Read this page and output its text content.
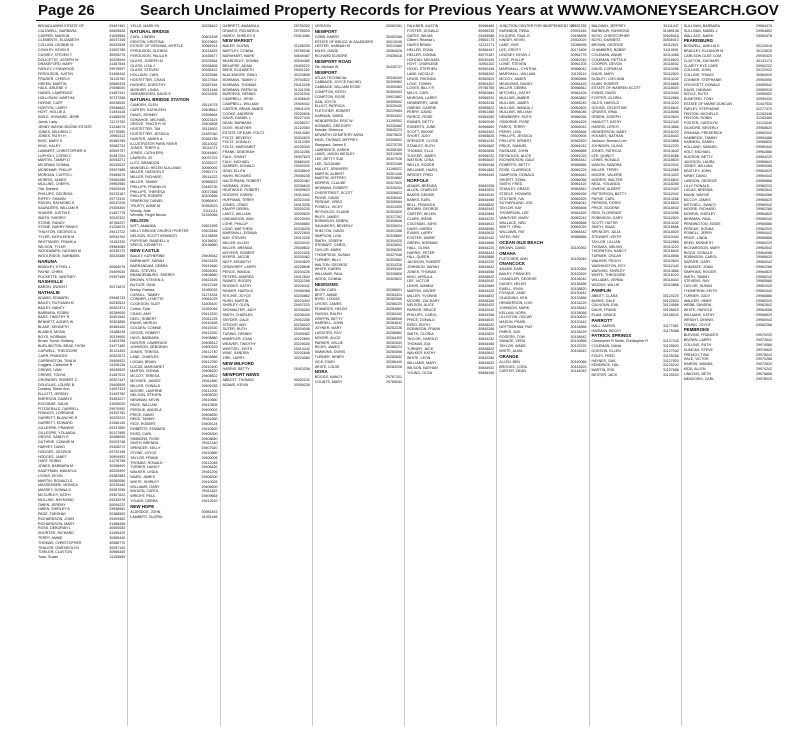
Page 26	Search Unclaimed Property Records for Previous Years at WWW.VAMONEYSEARCH.GOV
BROADLAWNS ESTATE OF	29497461
CALDWELL, BARBARA	30605526
CARPER, MARION	31008554
CLEMENTS, ELIZABETH	30037346
COLLINS, DIONNE M	30032528
COWLEY, KEVIN S	31002785
CUSHEY, STEVEN T	30005275
DOUCETTE, JOSEPH W	30228944
DRAKEFORD, MARY	31487544
FARLEY, LYNNWOOD	29978997
FERGUSON, JUSTIN	31498442
FRAZIER, CHRIS E	31115762
GREEN, MARTIN	30689315
HALE, ARLENE V	29398040
HANES, LAWRENCE	31487441
HOLLOWAY, MARTHA	30737266
HORNE, CURT	30038530
HORTON, LARRY	29548842
HOYT, HOLLIE A	31494418
INGLE, HOWARD, JERRI	31468226
Jarvis, Lady	31174762
JENNY WAYNE BOONE ESTATE	31246074
JONES, MILDRED C	29778950
JONES, RUTH H	29963112
KING, MARY E	30465785
KING, HALEY	30082729
LAMBERT, CHRISTOPHER D	30599757
LUPHOLY, CORIN C	30487224
MARTIN, TAMMY D	30053271
MCGRAW, DONNA	30230022
MCNEMAR, PHILLIP	29937985
MORGAN, CURTIS L	29465675
MORRIS, JAMES	29460285
MULLINS, CHERYL	29962985
Ota, Darlene	29409245
PHILLIPS, GEORGIA	30233167
RIFFEY, SHAWN	29773310
RIGGIN, RAYMOND D	30037226
SAUNDERS, WILLIAM R	29308300
SHAVER, JUSTIN E	31487776
SMITH, SHERRY	30032322
STONE, RANDY	30766227
STONE, BARRY RANDY	31206070
THAXTON, GEORGE A	29413722
TYLER, KATHLEEN M	30044762
WHITTAKER, FRANK A	31152330
WILSON, TYLER	29983085
WOODWARD, NATHAN M	30335170
WOOLRIDGE, BARBARA	30028385
NARUNA
BRADLEY, ETHEL L	30064076
PAYNE, CHRIS	29409030
PUCKETTE, WHITNEY	29397465
NASHVILLE
BARON, DWIGHT	30374870
NATHALIE
ADAMS, EDWARD	29948725
BAILEY, RUTHANN M	30030524
BAILEY, NANCY	30302371
BARBARA, ROBIN	30289000
BASS, TIMOTHY R	30401544
BENNETT, AGNES W	30303855
BLAKE, KENNETH	30483440
BLANKS, MONA	31188245
BOYD, NORMAN	30319600
Brown Turner, Brittany	31504758
BURLINGTON, BRAD THOM	31477469
CAPWELL, THEODORE	30124453
CARR, FRANCES	30322672
CARRINGTON, TINA M	29406922
Coggins, Catherine R	31106136
CREWS, IVAN	30035529
CREWS, TONYA	31487512
CROWDER, ROBERT C	30307447
DOUGLAS, LOUISE B	29406595
Dunkley, Sherri Ann	31097323
ELLIOTT, JEREMY	31493782
EMERSON, DAWN E	29453227
ESCOBAR, SALMI	31006020
FITZGERALD, DARRELL	29970952
FRANCIS, LORRAINE	29392762
GARRETT, BLANCHE R	30225222
GARRETT, EDWARD	31366140
GILLESPIE, FRANKIE	29337860
GILLESPIE, YOLANDA	30127965
GROSE, SANDY E	30068090
GUTHRIE, CONNIE M	30093746
HARVEY, DAVID	29408272
HODGES, GEORGE	29792198
HODGES, JANET	30994953
HURT, ROBIN	31276758
JONES, BARBARA M	30398900
KAUFFMAN, MAKAYLA	30025490
LYONS, KEVIN	29382983
MARTIN, RONALD G	30080066
MASSEMORE, MONICA	30225440
MASSEY, DONNA G	30087056
MCCURLEY, KATHY	29307622
MULLINS, RAYMOND	29330976
OWEN, JEREMY	30094222
OWEN, SHIRLEY A	29938952
PAGE, TARSHAY	30386500
RICHARDSON, JOHN	29409462
RICHARDSON, MARY	31488406
ROSS, DEBORAH L	30050083
SHORTER, RICHARD	31496420
TERRY, ANNIE	30985440
THOMAS, CHRISTOPHER	30986770
TINAJOR, GWENDOLYN	30057140
TOWLER, CLAYTON	30986440
Tuan, Susan	31155840
YELLE, MARILYN	30226612
NATURAL BRIDGE
CARL, LINDEN	30602498
DENTON, KRISTINA	30079602
ESTATE OF VIRGINIA, MYRTLE	30964914
FERGUSON, GLENDA	30214825
FERGUSON, PAULA R	30165677
GLASS, JOSEPH M	30325364
GLASS, LISA J	30936806
GLASS, STEVEN	30935422
HOLLIDAY, CARL	30325386
HOSTETTER, CRAIG	30117564
HUGHES, DOROTHY	30287464
MOSHER, LINDA	30211446
SWEARINGEN, DAVID E	30231506
NATURAL BRIDGE STATION
CAMDEN, GLEN	30114078
CARTER, KATHLEEN	29408642
DAVIS, JOHNNY	29398664
DONAHOE, MICHAEL	30022424
GROVE, TIMOTHY W	29404808
HOSTETTER, TIM	30115502
HOSTETTER, JESSICA	31487040
HUNTER, JAMES A	30364786
ILLUSTRATOR PARK RIVER	30110032
JONES, TERRY A	30111071
JONES, CATHLEEN	30044660
LAWSON, JO	30037223
LUTZ, BRANDON	30335227
MANSIELD, HELEN SULLIVAN	30060092
MILLER, HUDSON S	29962771
MILLER, RICHARD	30114222
MILLER, TAMMY	30965523
PHILLIPS, FRANKLIN	29445730
PHILLIPS, THERESA	30072366
PHILLIPS, ROBERT	30100466
SPARROW, DANIEL	30965400
TRUSTY, ANNE M	30363523
Woody, Julia	31111111
Wemble, Regin Nicola	31253066
NELSON
WITT, AMANDA	29821595
NELLY BRIDGE CHURCH PORTER	29403446
NELSON, SCOTT KENNEDY	30136655
PURYEAR, RANDELL A	30136620
SPECS, KENNETH	30136660
NEW CASTLE
BAILEY, KATHERINE	29406542
BARNHART, SARAH	29421525
BARRANDAM, DEBRA	29415460
BEAL, STEVEN	29524061
BRANDENBURG, SHERRY	29406660
BROWN, STEVEN A	29422426
BUTLER, GINA	29412246
Bretny, Patricia	31065032
CASKILL, TAMMY	31274334
CONNER, LYNETTE	29061025
COOKSON, SUZY	31505420
Cotton, Tyler	31062046
CRAIG, AMY	29413220
DEEL, ROBERT	29411225
ENNIS, MERLIN	29410446
GOLDEN, CONNIE	29415330
GROSE, ROBERT	29412520
HAYS, BARBARA	29408880
HUNTER, LAWRENCE	29406612
JOHNSON, DEBORAH	29400325
JONES, TERESA	29412740
LANE, CHARLES	29406886
LOGAN, BRIAN	29412250
LUCAS, MARGARET	29410400
MARTIN, DONNA	29406620
MCCOY, TERESA	29408822
MCGHEE, JANICE	29411880
MILLER, DONALD	29406335
MOORE, LAVERNE	29412200
NELSON, STEVEN	29405020
NEWMAN, KEVIN	29410660
PAGE, WILLIAM	29412806
PERDUE, ANGELA	29409002
PRICE, DAVID	29406830
REED, TAMMY	29411660
RICE, ROBERT	29408124
ROBERTS, EDWARD	29410620
ROSS, CARL	29405300
SIMMONS, ROSE	29408840
SMITH, BRENDA	29411340
SPENCER, KELLY	29407620
STONE, JOYCE	29410880
TAYLOR, FRANK	29409006
THOMAS, RONALD	29412046
TURNER, NANCY	29406420
WALKER, LINDA	29411206
WARD, JAMES	29408300
WHITE, SHIRLEY	29410025
WILLIAMS, GARY	29406600
WILSON, CAROL	29411822
WRIGHT, PAUL	29409664
YOUNG, DEBRA	29412610
NEW HOPE
ALDRIDGE, JOHN	30982443
LAMBERT, GLORIA	31001166
GARRETT, AMANDA A	29755352
GRAVES, RICHARD A	29755525
HARDY, SHIRLEY S	29414460
NEW MARKET
BAKER, GLENN	31206035
BARTLEY, DONNA	29765246
BARNHART, MARK	30649487
BEARDSLEY, DONNA	30294460
BEAUPRE, ADAM	29409222
BEER, ELIZABETH	29401252
BLACKMORE, EMILY	30204806
BOWMAN, TAMMY J	29764522
BOWMAN, THOMAS	29412208
BOWMAN, PATRICIA	31341336
BURGESS, DENNIS	30232540
CAMPBELL, HEIDI	31506640
CAMPBELL, WILLIAM	29409442
CARTER, BRIAN JAMES	29811425
COOKE, ANDREW	29330826
DAVIS, DANIEL L	30227440
DEAN, BARBARA	30256227
DOVE, HEATHER	31222060
ESTATE OF EARL FOLTZ	29414460
FOLTZ, BEVERLY	30334620
FOLTZ, DONALD	31012450
FOLTZ, MARGARET	30235340
FRANK, DEBORAH	30102266
FULK, GRANT	29407623
FULK, MICHAEL	30660442
GARBER, DONALD	29400200
GRAY, ELLEN	30338620
HAHN, RICHARD	29406235
HALTERMAN, ROBERT	30202462
HARMAN, JOHN	30236643
HEATWOLE, ROBERT	29409620
HOOVER, KAREN	29414402
HUFFMAN, TERRY	30322440
JONES, CRAIG	29413206
KNUPP, DEBRA	30200230
LANTZ, WILLIAM	30205625
LINDAMOOD, ANN	30225400
LOHR, PHILLIP	29408660
LONG, MATTHEW	30338426
MARSHALL, DONNA	30222840
MAY, STEVEN	29412026
MILLER, ALLEN	30234442
MILLER, BRENDA	29408602
MOYERS, ROBERT	30322026
MYERS, JACOB	30200462
NEFF, KENNETH	29404620
ORNDORFF, LARRY	30228846
PENCE, WANDA	30204228
PETERS, ANDREA	29412840
RAINES, ROGER	30332266
RHODES, KATHY	30226442
RINKER, HAROLD	29406466
RITCHIE, JOYCE	30200862
RUSH, MARTIN	30224402
SHIRLEY, GLEN	29407020
SHOWALTER, JUDY	30336260
SMITH, CHARLES	30208426
SNYDER, DALE	29402286
STROOP, AMY	30236022
SUTER, RUTH	30204046
TUSING, DENNIS	29409462
WAMPLER, JOAN	30222660
WEAVER, TIMOTHY	30226026
WHETZEL, KEITH	29410442
WINE, SANDRA	30202846
ZIRK, LARRY	30224060
NEW MILFORD
HARRIS, BETTY	29410206
NEWPORT NEWS
ABBOTT, THOMAS	30002242
ADAMS, KEVIN	30006226
VERIZON	30080261
NEWPORT
COBB, HARRY	30052066
ESTATE OF BRUCE W SAUNDERS	30010045
LESTER, HANNAH M	30013460
MILES, DAVID	30064426
RICHARD ELMORE	29436616
NEWPORT ROAD
Ott, Michael W	30426727
NEWPORT
ATLAS TECHNICAL	30346440
CABBAGE, JOYCE RACHEL	30309962
CABBAGE, WILLIAM ESSIE	30305463
COMPTON, KEITH	30309403
COMPTON, ROSE	29921862
DAN, JOYCE	30995602
ELLIOT, PATRICIA	30325440
FLETCHER, ROBERT	30229964
HARMAN, WARD	30304402
HENDERSON, ERIC W	31199502
HOWARD, GREGORY	30326460
Kessler, Rebecca	30840223
KEWMTIH CEMETERY ASSN	30675625
KING, THOMAS JEFFREY	29305602
Sheppard, James E	30275735
LAWRENCE, KAREN	30355260
LAWS, JASON WESLEY	30311605
LEE, BETTY SUE	30307026
LEE, SUZANNE	30323166
MALLET, JENNIFER	31196022
MARTIN, ALBERT	30301446
MARTIN, JEFFREY	30304662
MORRIS, CLAUDE	30327620
NEWMAN, ROBERT	30326204
OVERSTREET, SCOTT	30306822
PAYNE, DAVID	30328442
PERDUE, GREG	30305064
POWELL, VICKY	30324400
REYNOLDS, ELAINE	30302820
RILEY, JAMES	30327262
ROBINSON, DEBRA	30305646
SAUNDERS, BEVERLY	30326024
SHELTON, DAVID	30301266
SIMPSON, LISA	30328660
SMITH, JOSEPH	30304420
STEWART, CAROL	30325842
TAYLOR, MARK	30306200
THOMPSON, SUSAN	30327046
TURNER, BILLY	30302662
WALTON, GEORGE	30324226
WHITE, KAREN	30305440
WILLIAMS, PAUL	30326806
WOOD, DONNA	30303622
NEWSOMS
BLOW, CARL	30286601
BRITT, ANNIE	30284424
BYRD, LOUISE	30282066
CROSS, JAMES	30286220
EDWARDS, HELEN	30284860
FAISON, RALPH	30282442
GRIFFIN, BETTY	30286006
HARRELL, JOHN	30284642
JOYNER, MARY	30282226
LASSITER, ROY	30286862
MOORE, ALICE	30284400
PARKER, WILLIE	30282640
RICKS, JAMES	30286224
SIMMONS, DORIS	30284066
TURNER, HENRY	30282842
VICK, RUBY	30286440
WHITE, LOUIS	30284206
NORA
BOGGS, NANCY	29767101
COUNTS, MARY	29765042
FALKNER, AUSTIN	30966465
FOSTER, DONALD	30956235
GATES, WILMA	29405086
Gilbert, Rhonda L	29664175
HAYES BRIAN	31122171
HELLER, EDNA	30966447
HELLER, DONNA	30970187
HOLIDAY, MICHAEL	30930440
HOYT, CHARLENE	30961102
HOOD, STEPHEN	30962446
LANE, NICOLLE	30968262
LEWIS, RHONDA	30962620
LOVE, TOMMY	30964402
LOVES, BILLY R	29756765
MILLS, CARL	30962864
MORGAN, LARRY	30966020
NEWBERRY, JANE	30963246
OWENS, CARRIE	30965622
PERRY, DAVID	30961466
PIERCE, ROSE	30964280
RAINES, BETTY	30962046
ROBERTS, JUNE	30966660
SCOTT, WAYNE	30963402
SHORT, JUDY	30965826
SPENCER, CLYDE	30961240
STANLEY, RUTH	30964662
THOMAS, ELLA	30962806
TUCKER, JAMES	30966222
WATSON, LENA	30963620
WELLS, ROGER	30965046
WILLIAMS, HAZEL	30961862
WRIGHT, FRED	30964440
NORFOLK
ADAMS, BRENDA	30840206
ALLEN, CHARLES	30842620
BAKER, DENISE	30844042
BANKS, EARL	30846466
BELL, FRANCES	30848820
BROWN, GEORGE	30840442
CARTER, HELEN	30842866
CLARK, IRENE	30844220
COLEMAN, JOHN	30846642
DAVIS, KAREN	30848066
EVANS, LARRY	30840620
FOSTER, MARIE	30842442
GREEN, NORMAN	30844866
HALL, OLIVIA	30846220
HARRIS, PETER	30848442
HILL, QUEEN	30840866
JACKSON, ROBERT	30842220
JOHNSON, SARAH	30844642
JONES, THOMAS	30846066
KING, URSULA	30848620
LEE, VICTOR	30840042
LEWIS, WANDA	30842666
MARTIN, XAVIER	30844420
MILLER, YVONNE	30846842
MOORE, ZACHARY	30848266
NELSON, ALICE	30840420
PARKER, BRUCE	30842042
PHILLIPS, CAROL	30844266
PRICE, DONALD	30846620
REED, EDITH	30848042
ROBINSON, FRANK	30840266
SMITH, GLORIA	30842820
TAYLOR, HAROLD	30844242
THOMAS, IDA	30846466
TURNER, JACK	30848820
WALKER, KATHY	30840642
WHITE, LEON	30842266
WILLIAMS, MARY	30844620
WILSON, NATHAN	30846042
YOUNG, OLGA	30848266
JUNCTION CENTER FOR INDEPENDENT LIF
29452785
KARMBOB, REBA	29991446
KILGORE, PAUL R	29498895
KINSEY, KEVIN	29302020
LANE, VIVE	31088995
LEE, CRISTY	30171809
LINDSEY, KEVIN J	30964775
LOVE, PHILLIP	30962240
LOWE, STEVEN	30961205
MARSHALL, CYNTHIA	30966042
MARSHALL, WILLIAM	31125110
MCCOY, JAMES	30962666
MEADOWS, RANDY	30964420
MILLER, DEBRA	30966842
MITCHELL, KATHY	30961426
MULLINS, AMBER	30963862
MULLINS, JAMES	30965240
MULLINS, WANDA J	30962602
MULLINS, WILLIAM	30964046
NEWBERRY, RUTH	30966266
OSBORNE, ROSE	30961620
PARKS, TERRY	30963042
PERRY, LISA	30965466
PHILLIPS, JESSICA	29309905
PHILLIPS, ERNEST	30962820
PRICE, SAMUEL	30964242
RASNAKE, JOHN	30966666
REYNOLDS, ALICE	30961020
RICHARDSON, DALE	30963442
ROBERTS, BETTY	30965866
ROSE, CLARENCE	30962220
SAMPSON, DONALD	30964642
SHORTT, EDNA	30966066
SMITH, FRED	30961420
STANLEY, GRACE	30963842
STEELE, HOWARD	30965266
STILTNER, IVA	30962620
SUTHERLAND, JOE	30964042
TAYLOR, KAY	30966466
THOMPSON, LEE	30961820
VANOVER, MARY	30963242
WALLACE, NED	30965666
WHITT, OPAL	30962020
WILLIAMS, PAT	30964442
YATES, RAY	30966866
OCEAN ISLE BEACH
BROWN, DAVID	30120262
OMAHA
FLETCHER, ANN	30125040
ONANCOCK
ADAMS, EARL	30130264
BAILEY, FRANCES	30132620
CHANDLER, GEORGE	30134042
DAISEY, HELEN	30136466
EWELL, IRVIN	30138820
FOSQUE, JANE	30130442
GLADDING, KEN	30132866
HENDERSON, LOIS	30134220
JOHNSON, MARK	30136642
KELLAM, NORA	30138066
LILLISTON, OSCAR	30130620
MASON, PEARL	30132442
NOTTINGHAM, RAY	30134866
PARKS, SUE	30136220
ROGERS, TOM	30138442
SAVAGE, VERA	30130866
TAYLOR, WADE	30132220
WHITE, ALMA	30134642
ORANGE
ALLEN, BEN	30140066
BROOKS, CORA	30142620
CARTER, DEAN	30144042
BALDWIN, JEFFREY	30111447
BARBOUR, RAYMOND	31489136
BOYD, CHRISTOPHER	30528416
BOYD, EARNEST	30536410
BROWN, GEORGE	30112621
CHAMBERS, BOBBY	31119591
COLEMAN, ANNIE	30114466
COLEMAN, RETTA H	30116620
COOPER, DEVON	30118042
DAVIS, CORNELIA	30110266
DAVIS, MARY	30112820
DUDLEY, LOIS ANN	30114242
DUNN, ROBERT	30116666
ESTATE OF WARREN SCOTT	30118020
EVANS, DAVID	30110442
FOSTER, GLORIA	30112866
GILES, HAROLD	30114220
GOODE, CELESTINE	30116642
GRAVES, IRMA	30118066
GREEN, JOSEPH	30110620
HAMLETT, KATHY	30112442
HARRIS, LEROY	30114866
HENDERSON, MARY	30116220
HOLMES, NATHAN	30118442
Jackson, Bernard Lee	30110866
JOHNSON, OLIVIA	30112220
JONES, PATRICIA	30114642
LEE, QUINCY	30116066
LEWIS, RONALD	30118620
MASON, SANDRA	30110042
MILLER, TERRY	30112666
MOORE, VALERIE	30114420
MORRIS, WALTER	30116842
NEAL, YOLANDA	30118266
OWENS, ALBERT	30110420
PATTERSON, BETTY	30112042
PAYNE, CARL	30114266
PERKINS, DORIS	30116620
PRICE, EUGENE	30118042
REID, FLORENCE	30110266
ROBINSON, GARY	30112820
SCOTT, HATTIE	30114242
SMITH, ISAAC	30116666
SPENCER, JULIA	30118020
STEWART, KEITH	30110442
TAYLOR, LILLIAN	30112866
THOMAS, MELVIN	30114220
THORNTON, NANCY	30116642
TURNER, OSCAR	30118066
WALKER, PEGGY	30110620
WASHINGTON, ROY	30112442
WATKINS, SHIRLEY	30114866
WHITE, THEODORE	30116220
WILLIAMS, VERNA	30118442
WOODS, WILLIE	30110866
PAMPLIN
ABBITT, CLARA	30120220
BURKE, DALE	30122642
CALHOUN, EVA	30124066
DAVIS, FRANK	30126620
ELAM, GRACE	30128042
PARROTT
HALL, AARON	31177461
HARMAN, BECKY	31175466
PATRICK SPRINGS
Christopher R Smith, Christopher R	31127242
COLEMAN, DANA	31125620
DODSON, ELLEN	31127042
FOLEY, FRED	31125266
HAYNES, GAIL	31127820
KENDRICK, HAL	31125242
MARTIN, IRIS	31127666
NESTER, JACK	31125020
SULLIVAN, BARBARA	29964478
SULLIVAN, MABEL L	29964852
WALLACE, MARK	29964478
PEARISBURG
BOSWELL, AMELIA D	30120914
BRADLEY, ELEANOR M	30120620
CARLSON GLEE COM	29940420
CLAYTON, ZACHARY	30131174
CLARITY EYE CARE	29962222
COLLINS, JOHN	30131022
COLLINS, TRAVIS	30964920
CONNER, STEPHANIE	29950550
CROCKETT, DONALD	29965542
DAVIS, HANNAH	29950910
DOYLE, RUTH	29955502
DUNFORD, TONY	30990420
ESTATE OF MARIE DUNCAN	31447530
FARLEY, STEPHANIE	31277470
FENTON, MICHELLE	31263446
FENTON, ROBIN	31263460
FOSTER, CAROLYN	31123440
GILMORE, BEVERLY	29965620
GRAHAM, FREDERICK	29962042
HAMBRICK, TAMMY	29964466
HARMON, DANIEL	29966820
HOLLAND, SAMUEL	29960442
HOLT, MICHAEL	29962866
HUDSON, BETTY	29964220
JACKSON, LAURA	29966642
JONES, WILLIAM	29960066
KEATLEY, JOHN	29962620
KIRBY, DAVID	29964442
LAWSON, GEORGE	29966866
LILLY, RONALD	29960220
LUCAS, BRENDA	29962642
MANN, WAYNE	29964066
MCCOY, JAMES	29966620
MITCHELL, NANCY	29960042
MOORE, RICHARD	29962266
MORRIS, SHIRLEY	29964820
NEWMAN, PAUL	29966242
PENNINGTON, EDDIE	29960666
PERDUE, DONNA	29962020
POWELL, JERRY	29964442
PRICE, LINDA	29966866
REED, KENNETH	29960220
RICHARDSON, MARY	29962642
RIGGS, DONALD	29964066
ROBINSON, CAROL	29966620
SARVER, GARY	29960042
SHUMATE, JOAN	29962266
SIMPKINS, ROGER	29964820
SMITH, TAMMY	29966242
STEVENS, RAY	29960666
TAYLOR, SUSAN	29962020
THOMPSON, KEITH	29964442
TURNER, JUDY	29966866
WALKER, JIMMY	29960220
WEBB, SANDRA	29962642
WHITE, HAROLD	29964066
WILLIAMS, KATHY	29966620
WRIGHT, DENNIS	29960042
YOUNG, JOYCE	29962266
PEMBROKE
BLEVINS, FRANCES	29970220
BROWN, LARRY	29972642
COLLINS, RUTH	29974066
DUNCAN, STEVE	29976620
FRENCH, TINA	29978042
HALE, VICTOR	29970266
HARRIS, WANDA	29972820
KIDD, ALLEN	29974242
LINKOUS, BETH	29976666
MEADOWS, CARL	29978020
